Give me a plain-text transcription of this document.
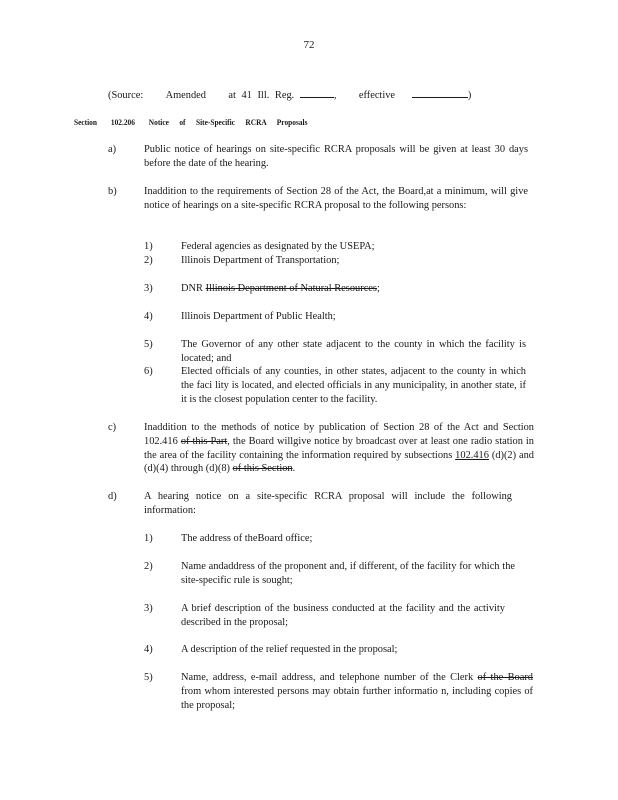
72
(Source: Amended at 41 Ill. Reg.	, effective	)
Section 102.206 Notice of Site-Specific RCRA Proposals
a)	Public notice of hearings on site-specific RCRA proposals will be given at least 30 days before the date of the hearing.
b)	Inaddition to the requirements of Section 28 of the Act, the Board,at a minimum, will give notice of hearings on a site-specific RCRA proposal to the following persons:
1)	Federal agencies as designated by the USEPA;
2)	Illinois Department of Transportation;
3)	DNR Illinois Department of Natural Resources;
4)	Illinois Department of Public Health;
5)	The Governor of any other state adjacent to the county in which the facility is located; and
6)	Elected officials of any counties, in other states, adjacent to the county in which the faci lity is located, and elected officials in any municipality, in another state, if it is the closest population center to the facility.
c)	Inaddition to the methods of notice by publication of Section 28 of the Act and Section 102.416 of this Part, the Board willgive notice by broadcast over at least one radio station in the area of the facility containing the information required by subsections 102.416 (d)(2) and (d)(4) through (d)(8) of this Section.
d)	A hearing notice on a site-specific RCRA proposal will include the following information:
1)	The address of theBoard office;
2)	Name andaddress of the proponent and, if different, of the facility for which the site-specific rule is sought;
3)	A brief description of the business conducted at the facility and the activity described in the proposal;
4)	A description of the relief requested in the proposal;
5)	Name, address, e-mail address, and telephone number of the Clerk of the Board from whom interested persons may obtain further informatio n, including copies of the proposal;
